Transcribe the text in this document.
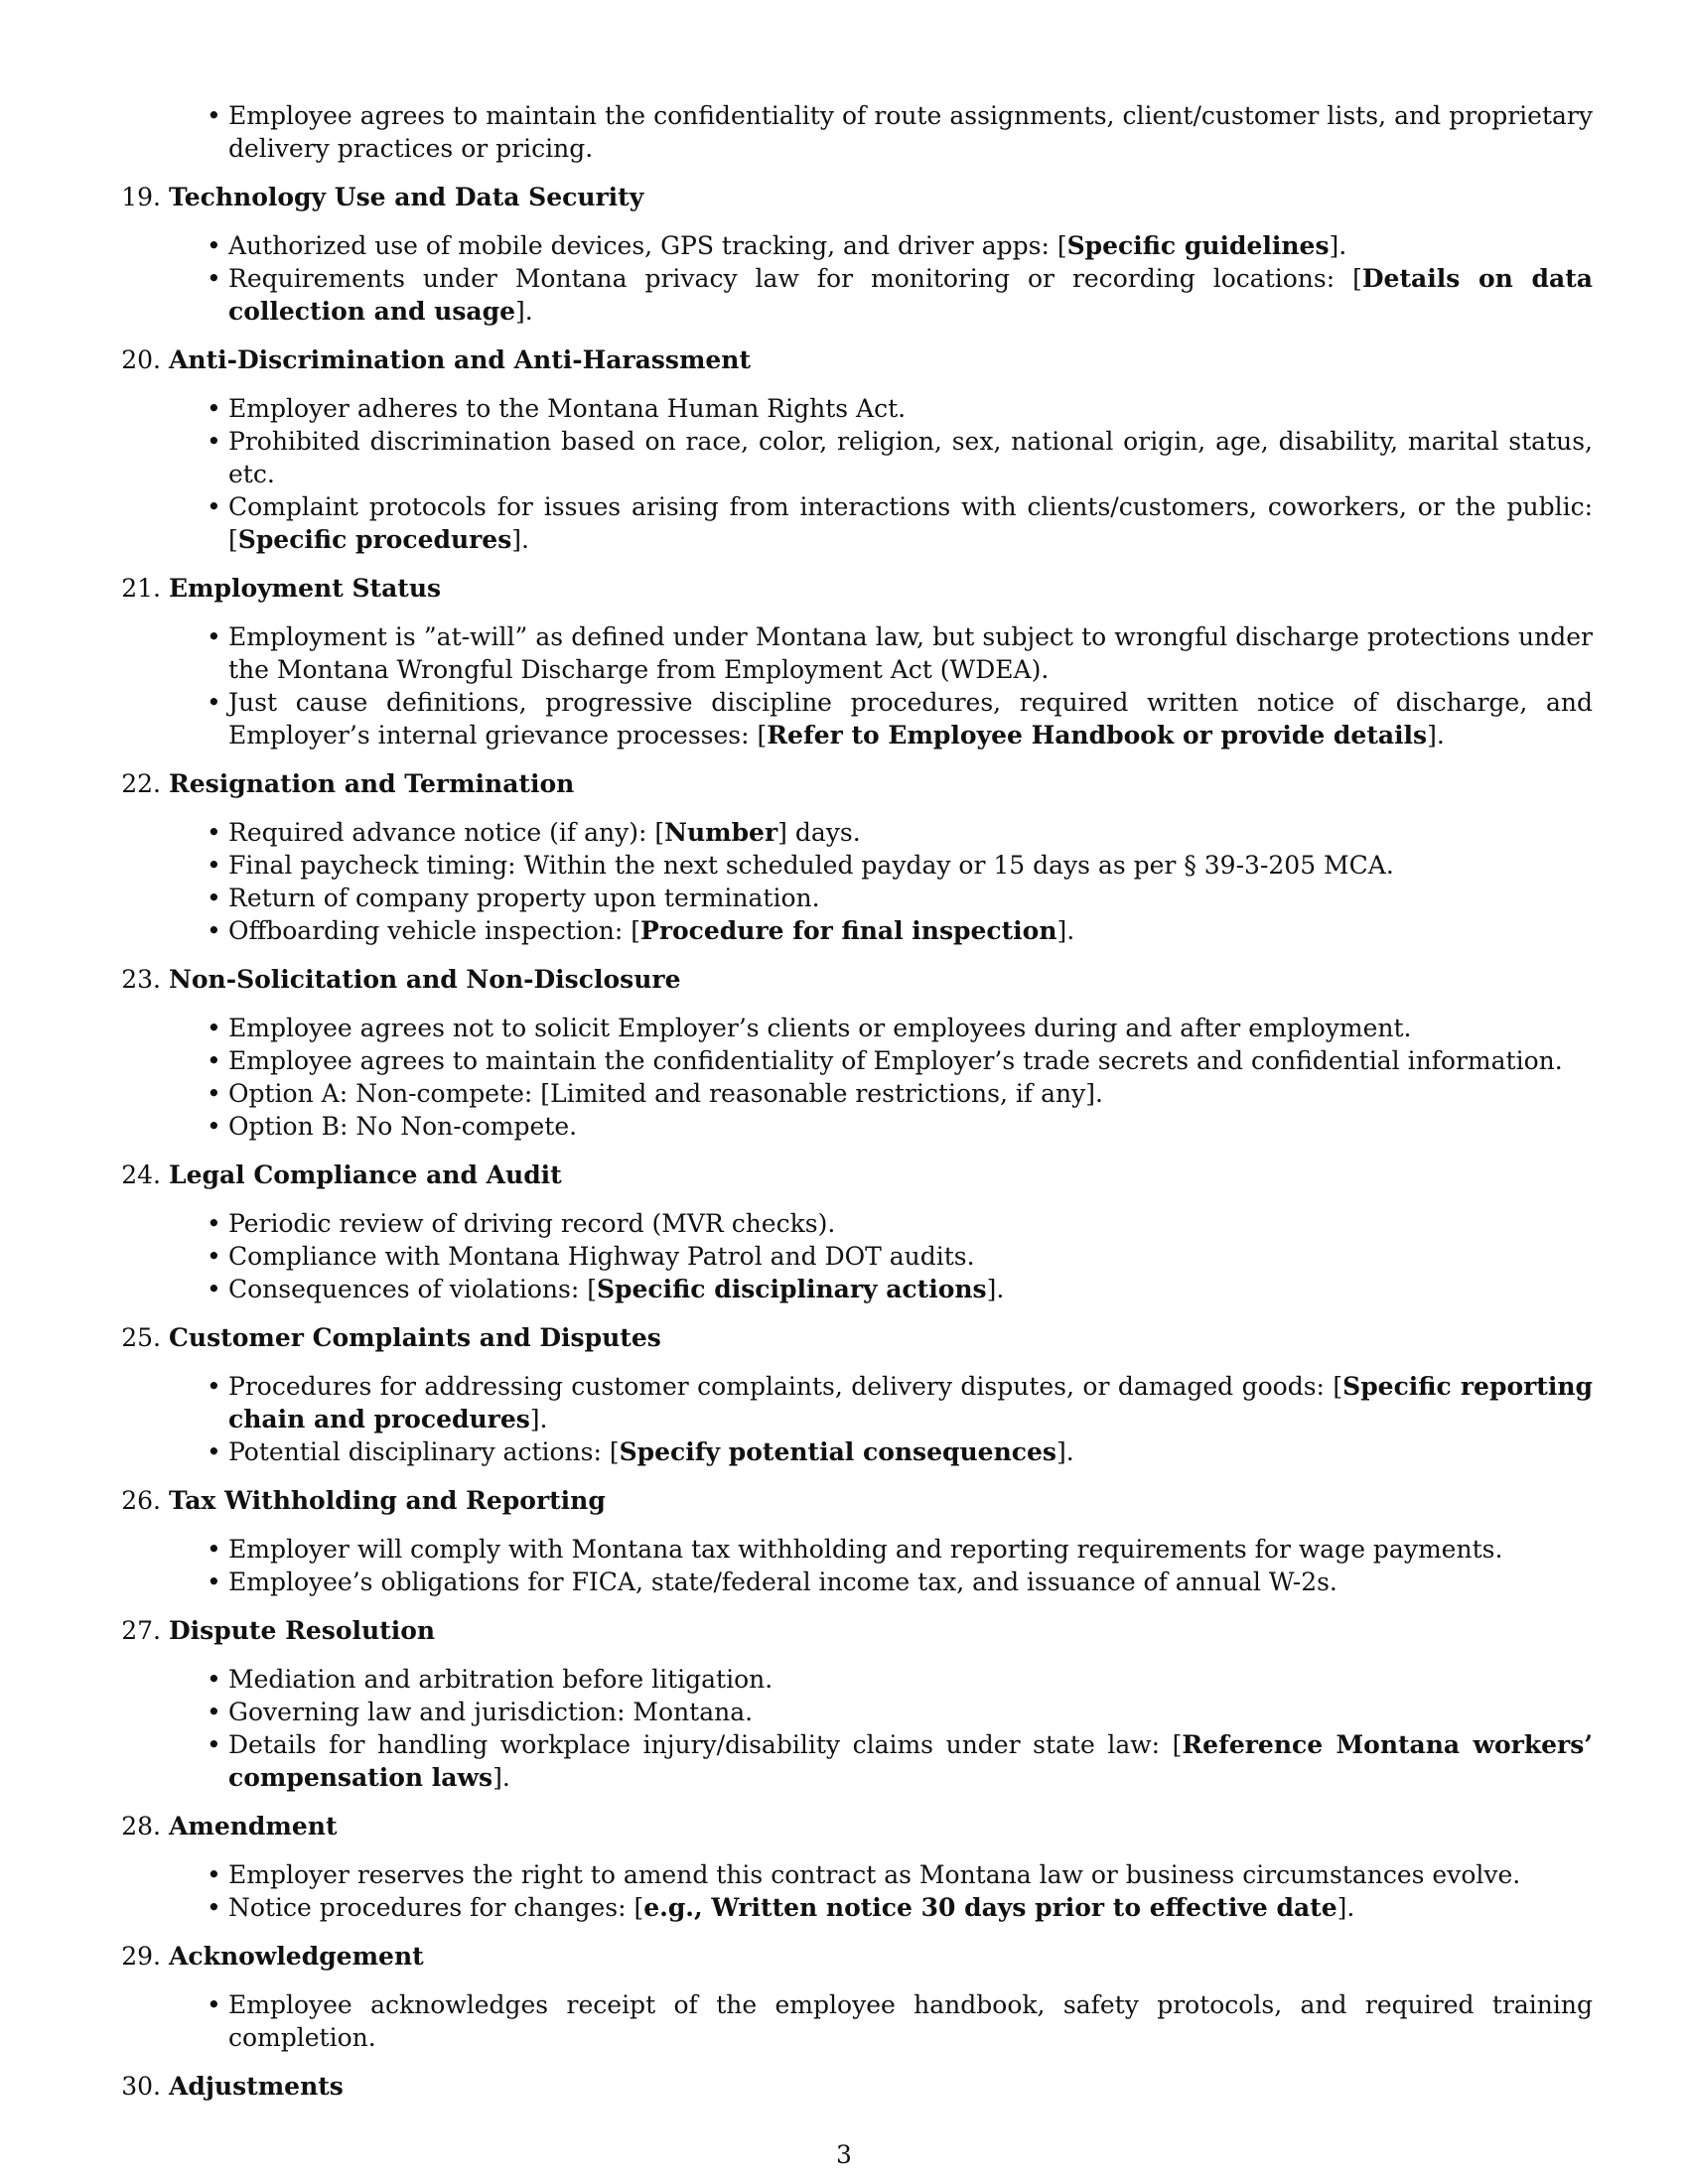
• Employee agrees to maintain the confidentiality of route assignments, client/customer lists, and proprietary delivery practices or pricing.
19. Technology Use and Data Security
• Authorized use of mobile devices, GPS tracking, and driver apps: [Specific guidelines].
• Requirements under Montana privacy law for monitoring or recording locations: [Details on data collection and usage].
20. Anti-Discrimination and Anti-Harassment
• Employer adheres to the Montana Human Rights Act.
• Prohibited discrimination based on race, color, religion, sex, national origin, age, disability, marital status, etc.
• Complaint protocols for issues arising from interactions with clients/customers, coworkers, or the public: [Specific procedures].
21. Employment Status
• Employment is ”at-will” as defined under Montana law, but subject to wrongful discharge protections under the Montana Wrongful Discharge from Employment Act (WDEA).
• Just cause definitions, progressive discipline procedures, required written notice of discharge, and Employer’s internal grievance processes: [Refer to Employee Handbook or provide details].
22. Resignation and Termination
• Required advance notice (if any): [Number] days.
• Final paycheck timing: Within the next scheduled payday or 15 days as per § 39-3-205 MCA.
• Return of company property upon termination.
• Offboarding vehicle inspection: [Procedure for final inspection].
23. Non-Solicitation and Non-Disclosure
• Employee agrees not to solicit Employer’s clients or employees during and after employment.
• Employee agrees to maintain the confidentiality of Employer’s trade secrets and confidential information.
• Option A: Non-compete: [Limited and reasonable restrictions, if any].
• Option B: No Non-compete.
24. Legal Compliance and Audit
• Periodic review of driving record (MVR checks).
• Compliance with Montana Highway Patrol and DOT audits.
• Consequences of violations: [Specific disciplinary actions].
25. Customer Complaints and Disputes
• Procedures for addressing customer complaints, delivery disputes, or damaged goods: [Specific reporting chain and procedures].
• Potential disciplinary actions: [Specify potential consequences].
26. Tax Withholding and Reporting
• Employer will comply with Montana tax withholding and reporting requirements for wage payments.
• Employee’s obligations for FICA, state/federal income tax, and issuance of annual W-2s.
27. Dispute Resolution
• Mediation and arbitration before litigation.
• Governing law and jurisdiction: Montana.
• Details for handling workplace injury/disability claims under state law: [Reference Montana workers’ compensation laws].
28. Amendment
• Employer reserves the right to amend this contract as Montana law or business circumstances evolve.
• Notice procedures for changes: [e.g., Written notice 30 days prior to effective date].
29. Acknowledgement
• Employee acknowledges receipt of the employee handbook, safety protocols, and required training completion.
30. Adjustments
3
